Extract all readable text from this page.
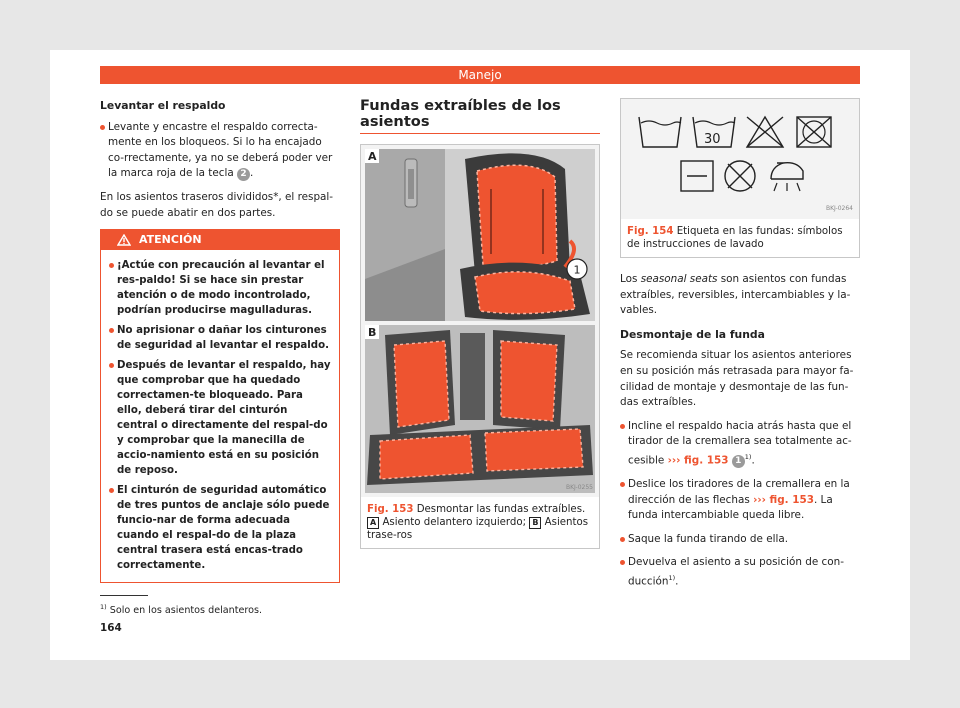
Manejo
Levantar el respaldo
Levante y encastre el respaldo correcta-mente en los bloqueos. Si lo ha encajado co-rrectamente, ya no se deberá poder ver la marca roja de la tecla 2 .

En los asientos traseros divididos*, el respal-do se puede abatir en dos partes.

ATENCIÓN
¡Actúe con precaución al levantar el res-paldo! Si se hace sin prestar atención o de modo incontrolado, podrían producirse magulladuras.
No aprisionar o dañar los cinturones de seguridad al levantar el respaldo.
Después de levantar el respaldo, hay que comprobar que ha quedado correctamen-te bloqueado. Para ello, deberá tirar del cinturón central o directamente del respal-do y comprobar que la manecilla de accio-namiento está en su posición de reposo.
El cinturón de seguridad automático de tres puntos de anclaje sólo puede funcio-nar de forma adecuada cuando el respal-do de la plaza central trasera está encas-trado correctamente.
Fundas extraíbles de los asientos
A
1
B
BKJ-0255
Fig. 153 Desmontar las fundas extraíbles. A Asiento delantero izquierdo; B Asientos trase-ros
30
BKJ-0264
Fig. 154 Etiqueta en las fundas: símbolos de instrucciones de lavado

Los seasonal seats son asientos con fundas extraíbles, reversibles, intercambiables y la-vables.

Desmontaje de la funda

Se recomienda situar los asientos anteriores en su posición más retrasada para mayor fa-cilidad de montaje y desmontaje de las fun-das extraíbles.

Incline el respaldo hacia atrás hasta que el tirador de la cremallera sea totalmente ac-cesible ››› fig. 153 1 $^{1)}$.
Deslice los tiradores de la cremallera en la dirección de las flechas ››› fig. 153. La funda intercambiable queda libre.
Saque la funda tirando de ella.
Devuelva el asiento a su posición de con-ducción$^{1)}$.
$^{1)}$ Solo en los asientos delanteros.
164
